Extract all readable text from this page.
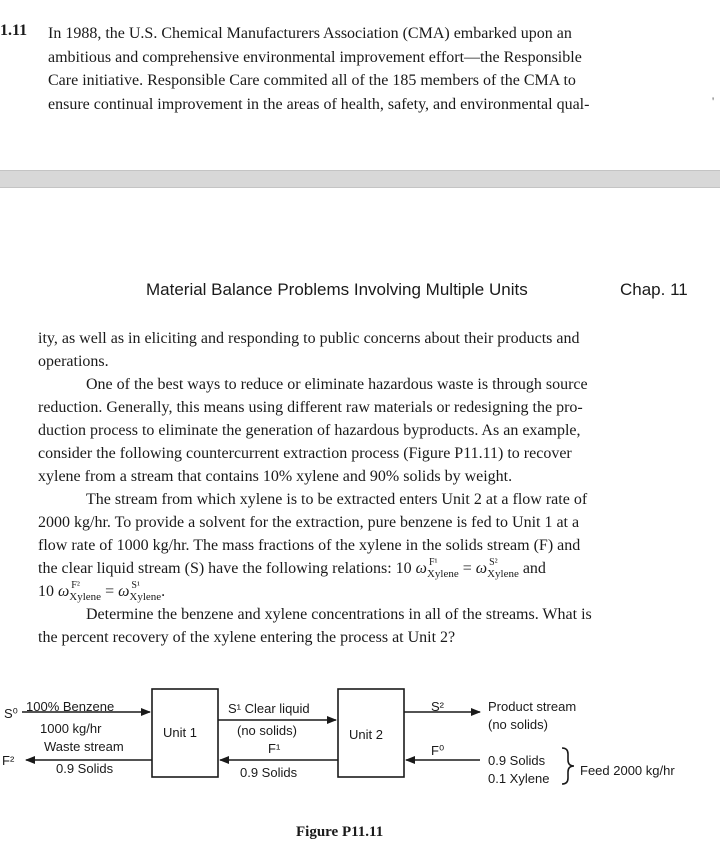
1.11 In 1988, the U.S. Chemical Manufacturers Association (CMA) embarked upon an
ambitious and comprehensive environmental improvement effort—the Responsible
Care initiative. Responsible Care commited all of the 185 members of the CMA to
ensure continual improvement in the areas of health, safety, and environmental qual-	'
Material Balance Problems Involving Multiple Units	Chap. 11
ity, as well as in eliciting and responding to public concerns about their products and
operations.
One of the best ways to reduce or eliminate hazardous waste is through source
reduction. Generally, this means using different raw materials or redesigning the pro-
duction process to eliminate the generation of hazardous byproducts. As an example,
consider the following countercurrent extraction process (Figure P11.11) to recover
xylene from a stream that contains 10% xylene and 90% solids by weight.
The stream from which xylene is to be extracted enters Unit 2 at a flow rate of
2000 kg/hr. To provide a solvent for the extraction, pure benzene is fed to Unit 1 at a
flow rate of 1000 kg/hr. The mass fractions of the xylene in the solids stream (F) and
the clear liquid stream (S) have the following relations: 10 ω F¹
Xylene = ω S²
Xylene and
10 ω F²
Xylene = ω S¹
Xylene.
Determine the benzene and xylene concentrations in all of the streams. What is
the percent recovery of the xylene entering the process at Unit 2?
S⁰ 100% Benzene
1000 kg/hr
F²
Waste stream
0.9 Solids
Unit 1	Unit 2
S¹ Clear liquid
(no solids)
F¹
0.9 Solids
S²
F⁰
Product stream
(no solids)
0.9 Solids
0.1 Xylene
Feed 2000 kg/hr
Figure P11.11
